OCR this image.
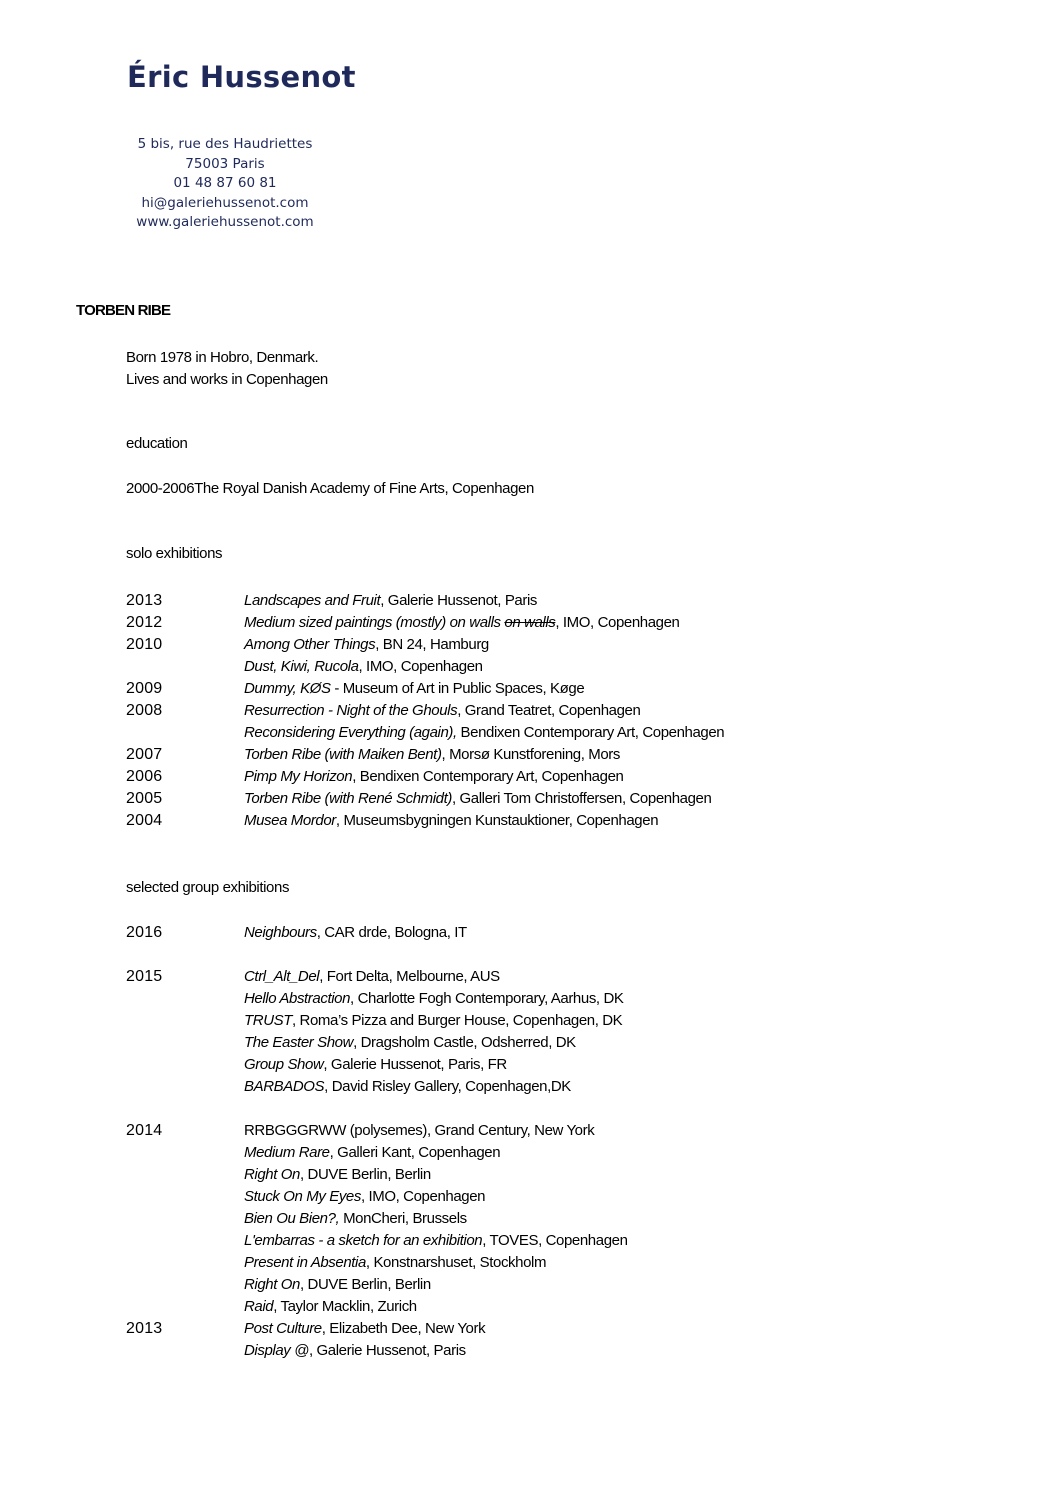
Éric Hussenot
5 bis, rue des Haudriettes
75003 Paris
01 48 87 60 81
hi@galeriehussenot.com
www.galeriehussenot.com
TORBEN RIBE
Born 1978 in Hobro, Denmark.
Lives and works in Copenhagen
education
2000-2006The Royal Danish Academy of Fine Arts, Copenhagen
solo exhibitions
2013	Landscapes and Fruit, Galerie Hussenot, Paris
2012	Medium sized paintings (mostly) on walls on walls, IMO, Copenhagen
2010	Among Other Things, BN 24, Hamburg
Dust, Kiwi, Rucola, IMO, Copenhagen
2009	Dummy, KØS - Museum of Art in Public Spaces, Køge
2008	Resurrection - Night of the Ghouls, Grand Teatret, Copenhagen
Reconsidering Everything (again), Bendixen Contemporary Art, Copenhagen
2007	Torben Ribe (with Maiken Bent), Morsø Kunstforening, Mors
2006	Pimp My Horizon, Bendixen Contemporary Art, Copenhagen
2005	Torben Ribe (with René Schmidt), Galleri Tom Christoffersen, Copenhagen
2004	Musea Mordor, Museumsbygningen Kunstauktioner, Copenhagen
selected group exhibitions
2016	Neighbours, CAR drde, Bologna, IT
2015	Ctrl_Alt_Del, Fort Delta, Melbourne, AUS
Hello Abstraction, Charlotte Fogh Contemporary, Aarhus, DK
TRUST, Roma’s Pizza and Burger House, Copenhagen, DK
The Easter Show, Dragsholm Castle, Odsherred, DK
Group Show, Galerie Hussenot, Paris, FR
BARBADOS, David Risley Gallery, Copenhagen,DK
2014	RRBGGGRWW (polysemes), Grand Century, New York
Medium Rare, Galleri Kant, Copenhagen
Right On, DUVE Berlin, Berlin
Stuck On My Eyes, IMO, Copenhagen
Bien Ou Bien?, MonCheri, Brussels
L'embarras - a sketch for an exhibition, TOVES, Copenhagen
Present in Absentia, Konstnarshuset, Stockholm
Right On, DUVE Berlin, Berlin
Raid, Taylor Macklin, Zurich
2013	Post Culture, Elizabeth Dee, New York
Display @, Galerie Hussenot, Paris
